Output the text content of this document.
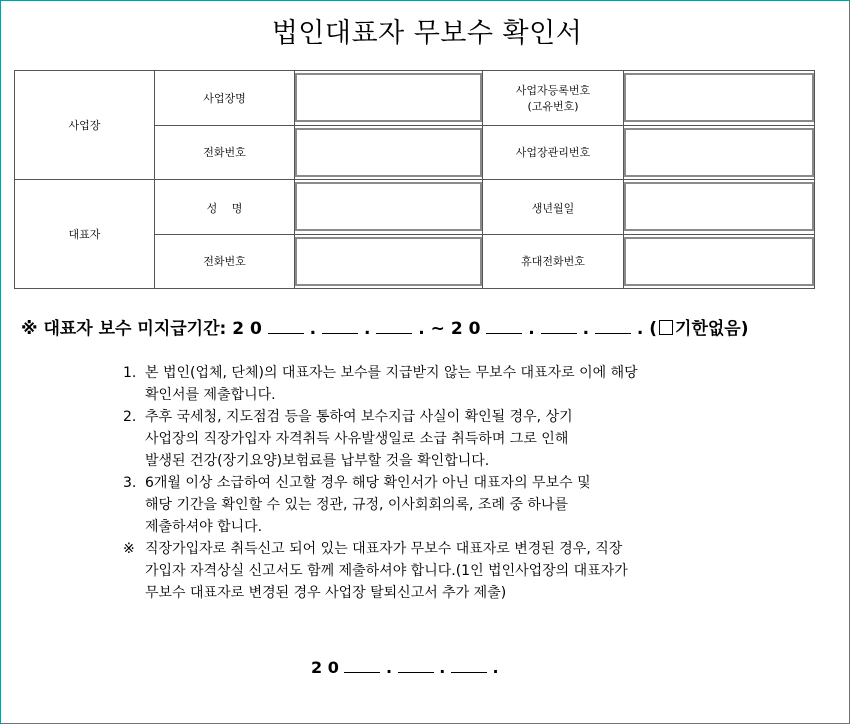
법인대표자 무보수 확인서
사업장	사업장명		사업자등록번호
(고유번호)	

	전화번호		사업장관리번호	

대표자	성　 명		생년월일	

	전화번호		휴대전화번호	
※ 대표자 보수 미지급기간: 2 0	.	.	. ~ 2 0	.	.	. ( 기한없음)
1. 본 법인(업체, 단체)의 대표자는 보수를 지급받지 않는 무보수 대표자로 이에 해당
확인서를 제출합니다.
2. 추후 국세청, 지도점검 등을 통하여 보수지급 사실이 확인될 경우, 상기
사업장의 직장가입자 자격취득 사유발생일로 소급 취득하며 그로 인해
발생된 건강(장기요양)보험료를 납부할 것을 확인합니다.
3. 6개월 이상 소급하여 신고할 경우 해당 확인서가 아닌 대표자의 무보수 및
해당 기간을 확인할 수 있는 정관, 규정, 이사회회의록, 조례 중 하나를
제출하셔야 합니다.
※ 직장가입자로 취득신고 되어 있는 대표자가 무보수 대표자로 변경된 경우, 직장
가입자 자격상실 신고서도 함께 제출하셔야 합니다.(1인 법인사업장의 대표자가
무보수 대표자로 변경된 경우 사업장 탈퇴신고서 추가 제출)
2 0	.	.	.
